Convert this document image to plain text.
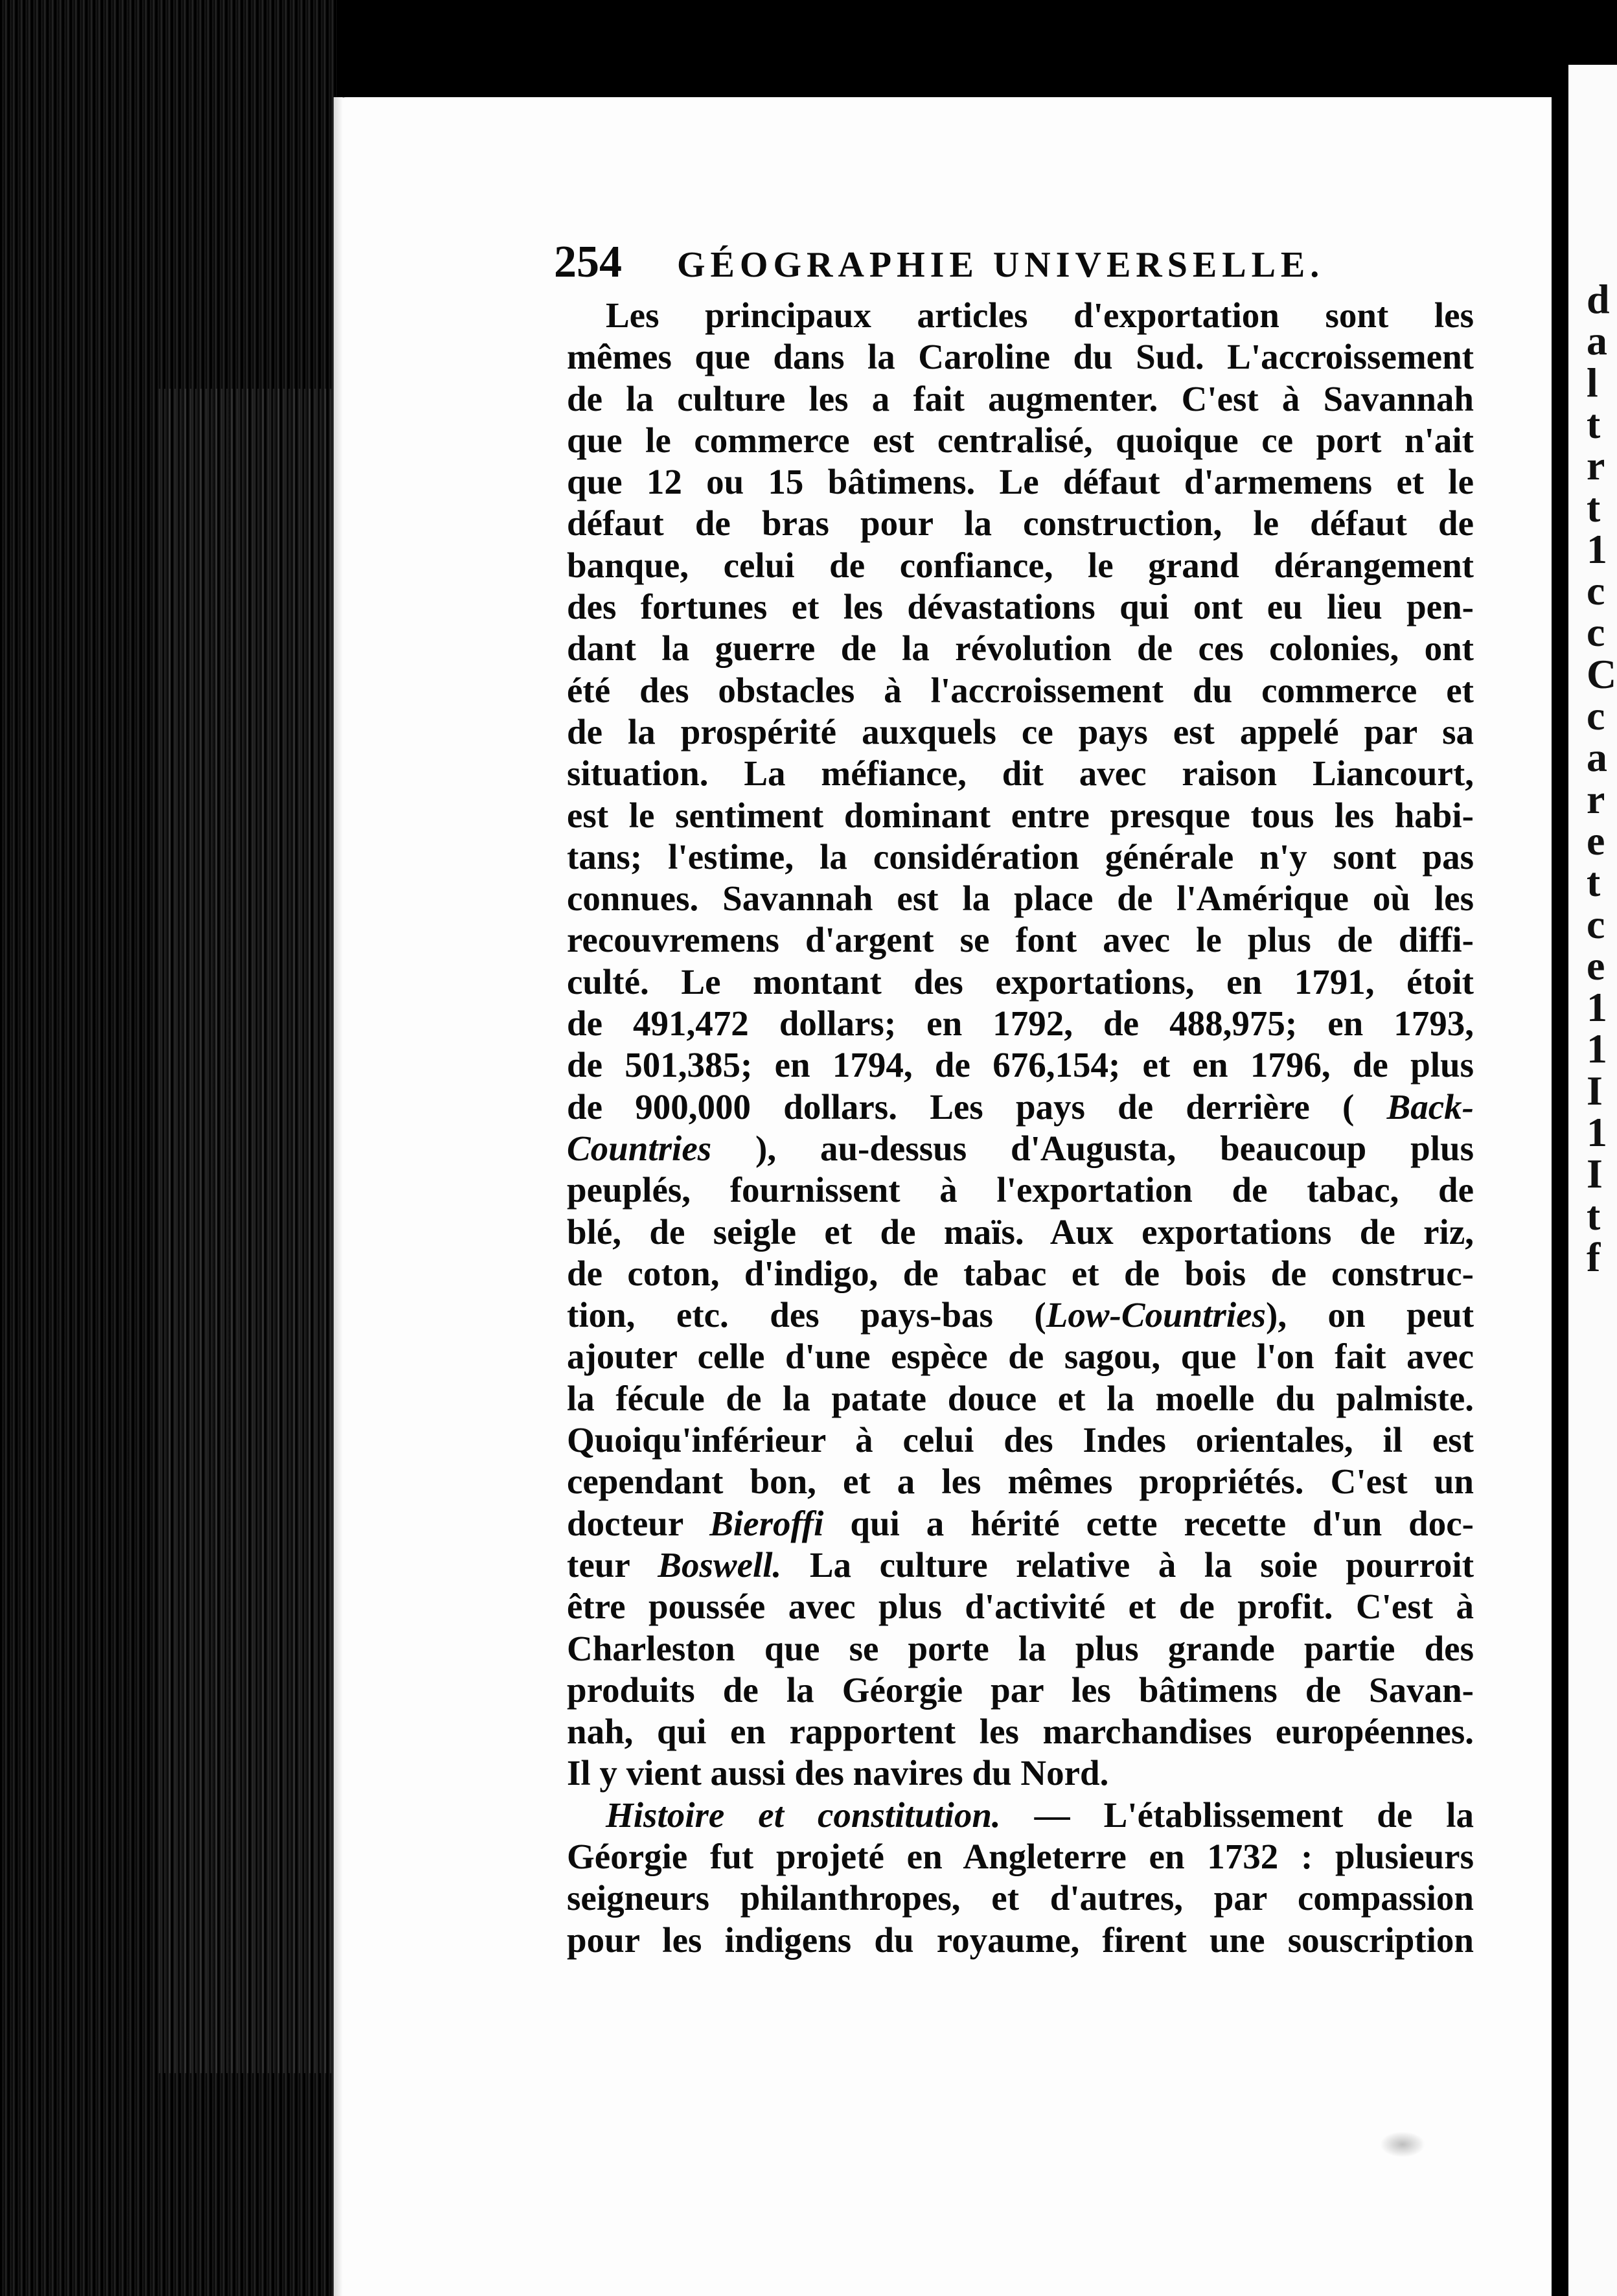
d
a
l
t
r
t
1
c
c
C
c
a
r
e
t
c
e
1
1
I
1
I
t
f
254	GÉOGRAPHIE UNIVERSELLE.
Les principaux articles d'exportation sont les
mêmes que dans la Caroline du Sud. L'accroissement
de la culture les a fait augmenter. C'est à Savannah
que le commerce est centralisé, quoique ce port n'ait
que 12 ou 15 bâtimens. Le défaut d'armemens et le
défaut de bras pour la construction, le défaut de
banque, celui de confiance, le grand dérangement
des fortunes et les dévastations qui ont eu lieu pen-
dant la guerre de la révolution de ces colonies, ont
été des obstacles à l'accroissement du commerce et
de la prospérité auxquels ce pays est appelé par sa
situation. La méfiance, dit avec raison Liancourt,
est le sentiment dominant entre presque tous les habi-
tans; l'estime, la considération générale n'y sont pas
connues. Savannah est la place de l'Amérique où les
recouvremens d'argent se font avec le plus de diffi-
culté. Le montant des exportations, en 1791, étoit
de 491,472 dollars; en 1792, de 488,975; en 1793,
de 501,385; en 1794, de 676,154; et en 1796, de plus
de 900,000 dollars. Les pays de derrière ( Back-
Countries ), au-dessus d'Augusta, beaucoup plus
peuplés, fournissent à l'exportation de tabac, de
blé, de seigle et de maïs. Aux exportations de riz,
de coton, d'indigo, de tabac et de bois de construc-
tion, etc. des pays-bas (Low-Countries), on peut
ajouter celle d'une espèce de sagou, que l'on fait avec
la fécule de la patate douce et la moelle du palmiste.
Quoiqu'inférieur à celui des Indes orientales, il est
cependant bon, et a les mêmes propriétés. C'est un
docteur Bieroffi qui a hérité cette recette d'un doc-
teur Boswell. La culture relative à la soie pourroit
être poussée avec plus d'activité et de profit. C'est à
Charleston que se porte la plus grande partie des
produits de la Géorgie par les bâtimens de Savan-
nah, qui en rapportent les marchandises européennes.
Il y vient aussi des navires du Nord.
Histoire et constitution. — L'établissement de la
Géorgie fut projeté en Angleterre en 1732 : plusieurs
seigneurs philanthropes, et d'autres, par compassion
pour les indigens du royaume, firent une souscription
